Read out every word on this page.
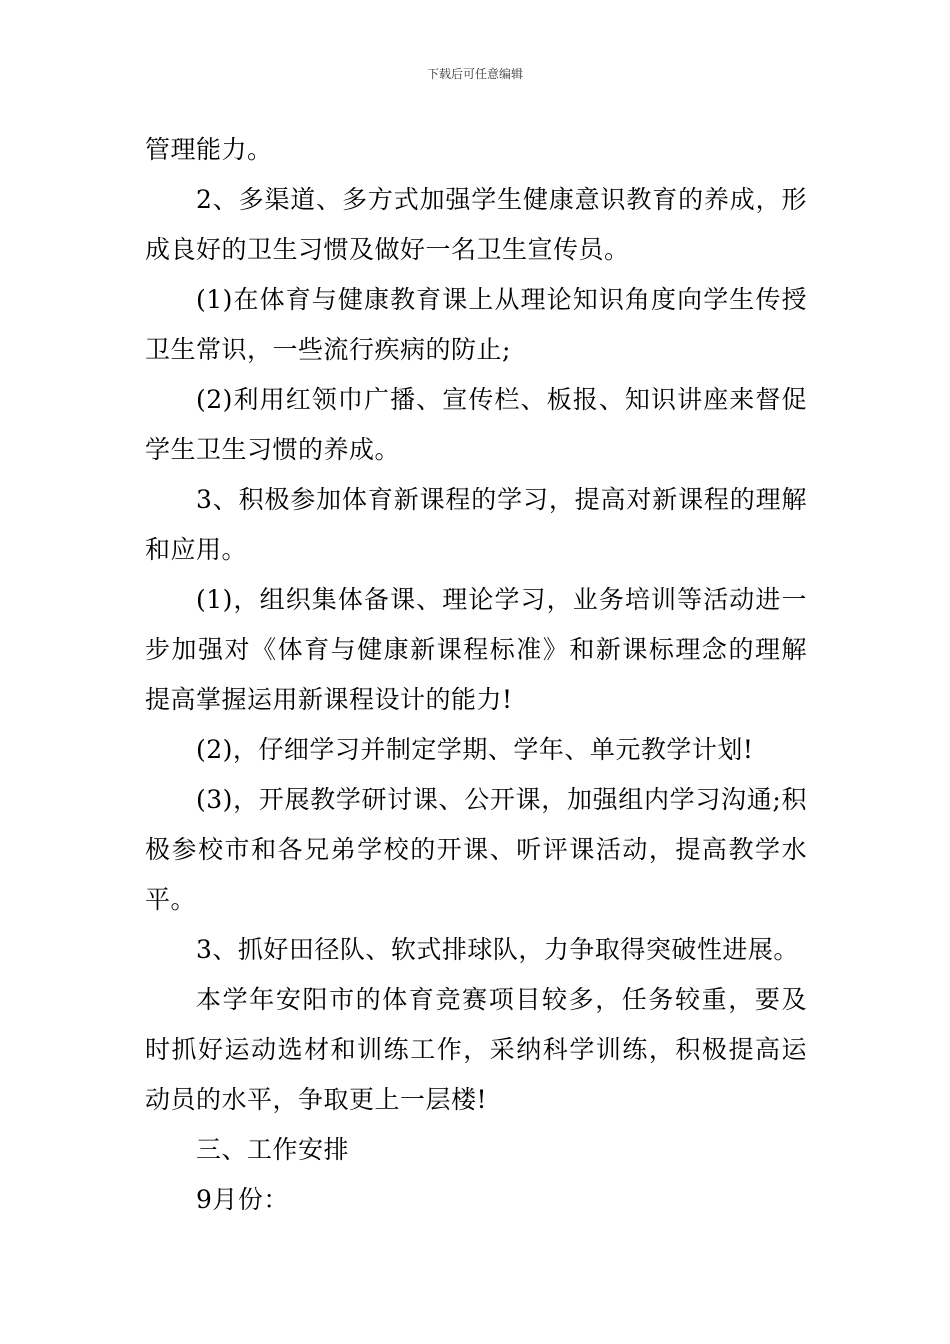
下载后可任意编辑

管理能力。

2、多渠道、多方式加强学生健康意识教育的养成，形成良好的卫生习惯及做好一名卫生宣传员。

(1)在体育与健康教育课上从理论知识角度向学生传授卫生常识，一些流行疾病的防止;

(2)利用红领巾广播、宣传栏、板报、知识讲座来督促学生卫生习惯的养成。

3、积极参加体育新课程的学习，提高对新课程的理解和应用。

(1)，组织集体备课、理论学习，业务培训等活动进一步加强对《体育与健康新课程标准》和新课标理念的理解提高掌握运用新课程设计的能力!

(2)，仔细学习并制定学期、学年、单元教学计划!

(3)，开展教学研讨课、公开课，加强组内学习沟通;积极参校市和各兄弟学校的开课、听评课活动，提高教学水平。

3、抓好田径队、软式排球队，力争取得突破性进展。

本学年安阳市的体育竞赛项目较多，任务较重，要及时抓好运动选材和训练工作，采纳科学训练，积极提高运动员的水平，争取更上一层楼!

三、工作安排

9月份：
